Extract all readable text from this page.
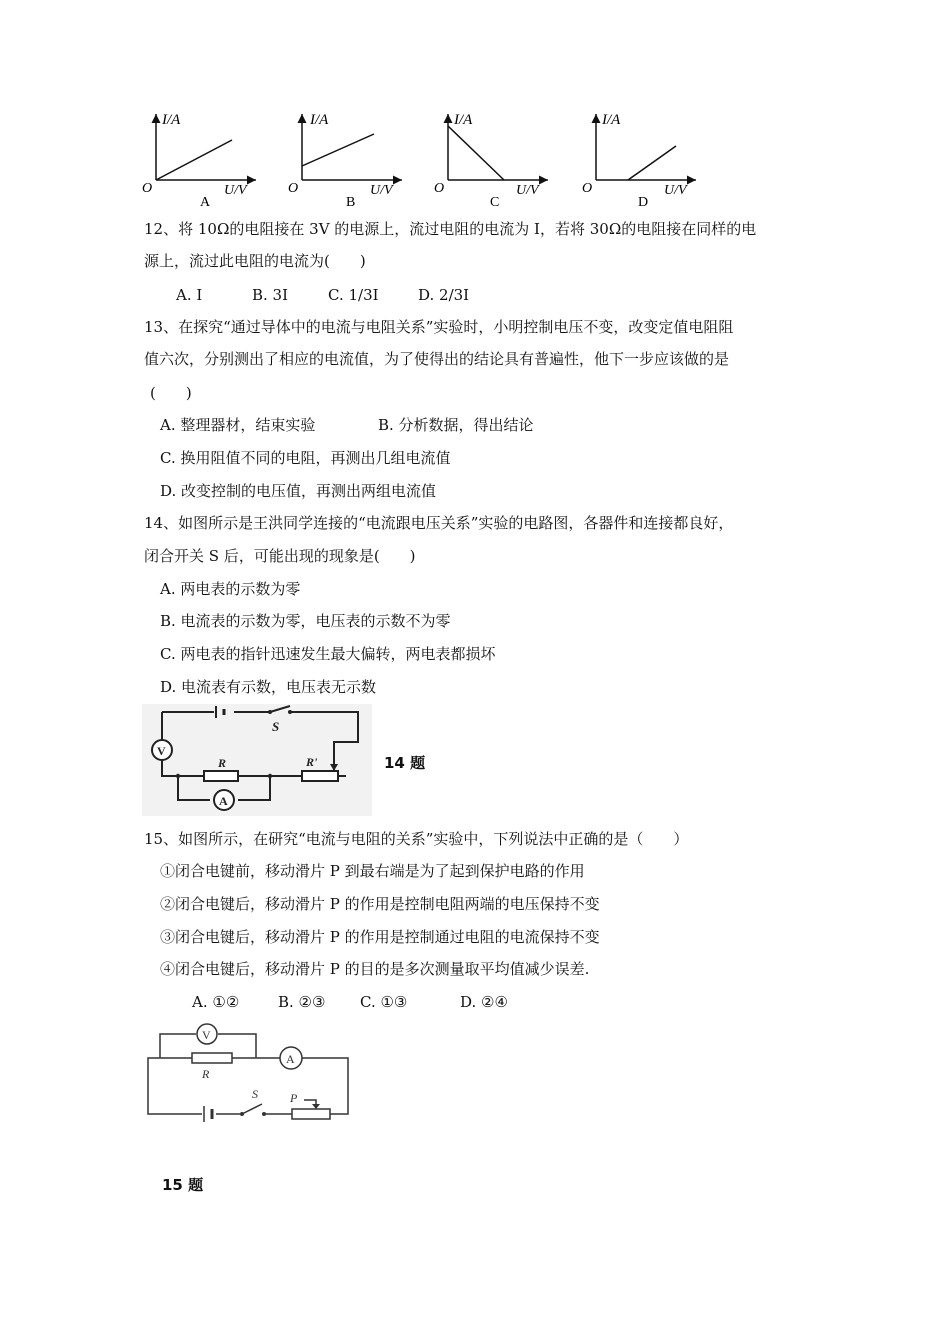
I/A
O	U/V
A
I/A
O	U/V
B
I/A
O	U/V
C
I/A
O	U/V
D
12、将 10Ω的电阻接在 3V 的电源上，流过电阻的电流为 I，若将 30Ω的电阻接在同样的电
源上，流过此电阻的电流为(　　)
A. I	B. 3I	C. 1/3I	D. 2/3I
13、在探究“通过导体中的电流与电阻关系”实验时，小明控制电压不变，改变定值电阻阻
值六次，分别测出了相应的电流值，为了使得出的结论具有普遍性，他下一步应该做的是
(　　)
A. 整理器材，结束实验	B. 分析数据，得出结论
C. 换用阻值不同的电阻，再测出几组电流值
D. 改变控制的电压值，再测出两组电流值
14、如图所示是王洪同学连接的“电流跟电压关系”实验的电路图，各器件和连接都良好，
闭合开关 S 后，可能出现的现象是(　　)
A. 两电表的示数为零
B. 电流表的示数为零，电压表的示数不为零
C. 两电表的指针迅速发生最大偏转，两电表都损坏
D. 电流表有示数，电压表无示数
S
V
R	R'
A
14 题
15、如图所示，在研究“电流与电阻的关系”实验中，下列说法中正确的是（　　）
①闭合电键前，移动滑片 P 到最右端是为了起到保护电路的作用
②闭合电键后，移动滑片 P 的作用是控制电阻两端的电压保持不变
③闭合电键后，移动滑片 P 的作用是控制通过电阻的电流保持不变
④闭合电键后，移动滑片 P 的目的是多次测量取平均值减少误差.
A. ①②	B. ②③ C. ①③	D. ②④
V
R
A
S	P
15 题
